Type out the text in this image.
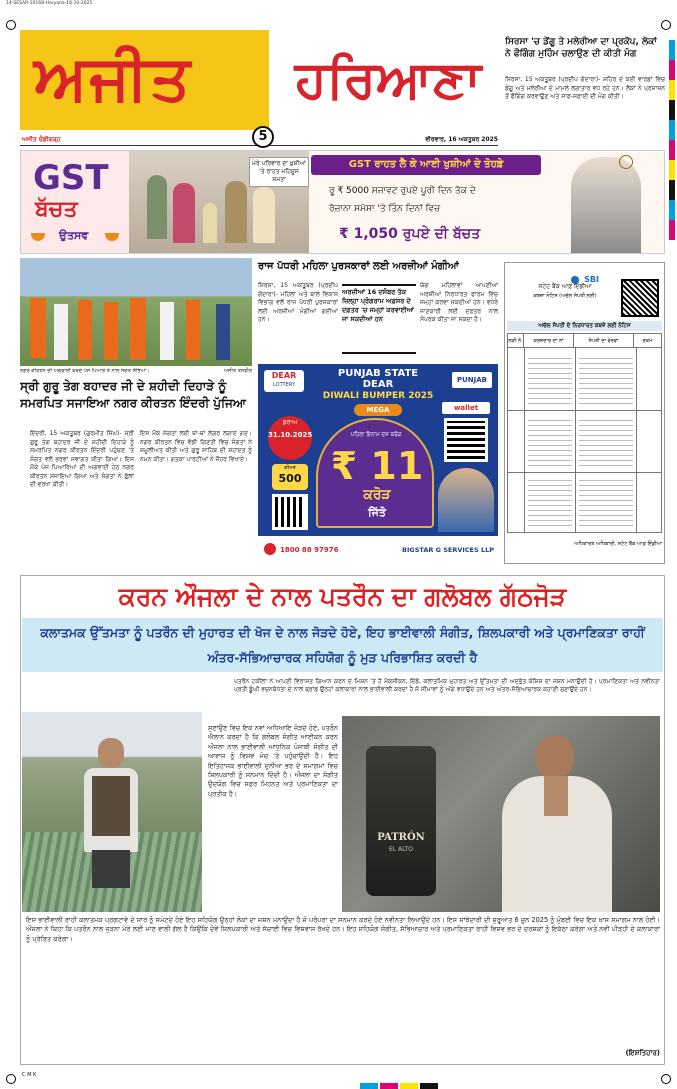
14-SESAR-10168-Haryana-16-10-2025
ਅਜੀਤ	ਹਰਿਆਣਾ
5
ਅਜੀਤ ਚੰਡੀਗੜ੍ਹ	ਵੀਰਵਾਰ, 16 ਅਕਤੂਬਰ 2025
ਸਿਰਸਾ 'ਚ ਡੇਂਗੂ ਤੇ ਮਲੇਰੀਆ ਦਾ ਪ੍ਰਕੋਪ, ਲੋਕਾਂ ਨੇ ਫੌਗਿੰਗ ਮੁਹਿੰਮ ਚਲਾਉਣ ਦੀ ਕੀਤੀ ਮੰਗ
ਸਿਰਸਾ, 15 ਅਕਤੂਬਰ (ਪ੍ਰਦੀਪ ਗੋਦਾਰਾ)- ਸ਼ਹਿਰ ਦੇ ਕਈ ਵਾਰਡਾਂ ਵਿਚ ਡੇਂਗੂ ਅਤੇ ਮਲੇਰੀਆ ਦੇ ਮਾਮਲੇ ਲਗਾਤਾਰ ਵਧ ਰਹੇ ਹਨ। ਲੋਕਾਂ ਨੇ ਪ੍ਰਸ਼ਾਸਨ ਤੋਂ ਫੌਗਿੰਗ ਕਰਵਾਉਣ ਅਤੇ ਸਾਫ਼-ਸਫ਼ਾਈ ਦੀ ਮੰਗ ਕੀਤੀ।
GST
ਬੱਚਤ
ਉਤਸਵ
ਮੇਰੇ ਪਰਿਵਾਰ ਦਾ ਖ਼ੁਸ਼ੀਆਂ 'ਤੇ ਰਾਹਤ ਮਹਿਸੂਸ ਸਮਤਾ
GST ਰਾਹਤ ਲੈ ਕੇ ਆਈ ਖੁਸ਼ੀਆਂ ਦੇ ਤੋਹਫ਼ੇ
ਰੂ ₹ 5000 ਸਜਾਵਟ ਰੁਪਏ ਪੂਰੀ ਦਿਨ ਤੱਕ ਦੇ
ਰੋਜ਼ਾਨਾ ਸਮੋਸਾ 'ਤੇ ਤਿੰਨ ਦਿਨਾਂ ਵਿਚ
₹ 1,050 ਰੁਪਏ ਦੀ ਬੱਚਤ
ਨਗਰ ਕੀਰਤਨ ਦੀ ਅਗਵਾਈ ਕਰਦੇ ਪੰਜ ਪਿਆਰੇ ਤੇ ਨਾਲ ਸੰਗਤ ਸੱਭਿਆ।	ਅਜੀਤ ਤਸਵੀਰ
ਸ੍ਰੀ ਗੁਰੂ ਤੇਗ ਬਹਾਦਰ ਜੀ ਦੇ ਸ਼ਹੀਦੀ ਦਿਹਾੜੇ ਨੂੰ ਸਮਰਪਿਤ ਸਜਾਇਆ ਨਗਰ ਕੀਰਤਨ ਇੰਦਰੀ ਪੁੱਜਿਆ
ਇੰਦਰੀ, 15 ਅਕਤੂਬਰ (ਗੁਰਮੀਤ ਸਿੰਘ)- ਸ੍ਰੀ ਗੁਰੂ ਤੇਗ ਬਹਾਦਰ ਜੀ ਦੇ ਸ਼ਹੀਦੀ ਦਿਹਾੜੇ ਨੂੰ ਸਮਰਪਿਤ ਨਗਰ ਕੀਰਤਨ ਇੰਦਰੀ ਪਹੁੰਚਣ 'ਤੇ ਸੰਗਤ ਵਲੋਂ ਭਰਵਾਂ ਸਵਾਗਤ ਕੀਤਾ ਗਿਆ। ਇਸ ਮੌਕੇ ਪੰਜ ਪਿਆਰਿਆਂ ਦੀ ਅਗਵਾਈ ਹੇਠ ਨਗਰ ਕੀਰਤਨ ਸਜਾਇਆ ਗਿਆ ਅਤੇ ਸੰਗਤਾਂ ਨੇ ਫੁੱਲਾਂ ਦੀ ਵਰਖਾ ਕੀਤੀ।
ਇਸ ਮੌਕੇ ਸੰਗਤਾਂ ਲਈ ਥਾਂ-ਥਾਂ ਲੰਗਰ ਲਗਾਏ ਗਏ। ਨਗਰ ਕੀਰਤਨ ਵਿਚ ਵੱਡੀ ਗਿਣਤੀ ਵਿਚ ਸੰਗਤਾਂ ਨੇ ਸ਼ਮੂਲੀਅਤ ਕੀਤੀ ਅਤੇ ਗੁਰੂ ਸਾਹਿਬ ਦੀ ਸ਼ਹਾਦਤ ਨੂੰ ਨਮਨ ਕੀਤਾ। ਗਤਕਾ ਪਾਰਟੀਆਂ ਨੇ ਜੌਹਰ ਵਿਖਾਏ।
ਰਾਜ ਪੱਧਰੀ ਮਹਿਲਾ ਪੁਰਸਕਾਰਾਂ ਲਈ ਅਰਜ਼ੀਆਂ ਮੰਗੀਆਂ
ਸਿਰਸਾ, 15 ਅਕਤੂਬਰ (ਪ੍ਰਦੀਪ ਗੋਦਾਰਾ)- ਮਹਿਲਾ ਅਤੇ ਬਾਲ ਵਿਕਾਸ ਵਿਭਾਗ ਵਲੋਂ ਰਾਜ ਪੱਧਰੀ ਪੁਰਸਕਾਰਾਂ ਲਈ ਅਰਜ਼ੀਆਂ ਮੰਗੀਆਂ ਗਈਆਂ ਹਨ।
ਅਰਜ਼ੀਆਂ 16 ਦਸੰਬਰ ਤੱਕ ਜ਼ਿਲ੍ਹਾ ਪ੍ਰੋਗਰਾਮ ਅਫ਼ਸਰ ਦੇ ਦਫ਼ਤਰ 'ਚ ਜਮ੍ਹਾਂ ਕਰਵਾਈਆਂ ਜਾ ਸਕਦੀਆਂ ਹਨ
ਯੋਗ ਮਹਿਲਾਵਾਂ ਆਪਣੀਆਂ ਅਰਜ਼ੀਆਂ ਨਿਰਧਾਰਤ ਫਾਰਮ ਵਿਚ ਜਮ੍ਹਾਂ ਕਰਵਾ ਸਕਦੀਆਂ ਹਨ। ਵਧੇਰੇ ਜਾਣਕਾਰੀ ਲਈ ਦਫ਼ਤਰ ਨਾਲ ਸੰਪਰਕ ਕੀਤਾ ਜਾ ਸਕਦਾ ਹੈ।
DEAR
LOTTERY
PUNJAB STATE
DEAR
DIWALI BUMPER 2025
PUNJAB
MEGA
ਡਰਾਅ
31.10.2025
ਕੀਮਤ
500
ਪਹਿਲਾ ਇਨਾਮ ਦਸ ਕਰੋੜ
₹ 11
ਕਰੋੜ
ਜਿੱਤੋ
wallet
1800 88 97976	BIGSTAR G SERVICES LLP
SBI
ਸਟੇਟ ਬੈਂਕ ਆਫ਼ ਇੰਡੀਆ
ਕਬਜ਼ਾ ਨੋਟਿਸ (ਅਚੱਲ ਸੰਪਤੀ ਲਈ)
ਅਚੱਲ ਸੰਪਤੀ ਦੇ ਨਿਰਧਾਰਤ ਕਬਜ਼ੇ ਲਈ ਨੋਟਿਸ
ਲੜੀ ਨੰ.	ਕਰਜ਼ਦਾਰ ਦਾ ਨਾਂ	ਸੰਪਤੀ ਦਾ ਵੇਰਵਾ	ਰਕਮ
ਅਧਿਕਾਰਤ ਅਧਿਕਾਰੀ, ਸਟੇਟ ਬੈਂਕ ਆਫ਼ ਇੰਡੀਆ
ਕਰਨ ਔਜਲਾ ਦੇ ਨਾਲ ਪਤਰੌਨ ਦਾ ਗਲੋਬਲ ਗੱਠਜੋੜ
ਕਲਾਤਮਕ ਉੱਤਮਤਾ ਨੂੰ ਪਤਰੌਨ ਦੀ ਮੁਹਾਰਤ ਦੀ ਖੋਜ ਦੇ ਨਾਲ ਜੋੜਦੇ ਹੋਏ, ਇਹ ਭਾਈਵਾਲੀ ਸੰਗੀਤ, ਸ਼ਿਲਪਕਾਰੀ ਅਤੇ ਪ੍ਰਮਾਣਿਕਤਾ ਰਾਹੀਂ ਅੰਤਰ-ਸੱਭਿਆਚਾਰਕ ਸਹਿਯੋਗ ਨੂੰ ਮੁੜ ਪਰਿਭਾਸ਼ਿਤ ਕਰਦੀ ਹੈ
ਪਤਰੌਨ ਟਕੀਲਾ ਨੇ ਆਪਣੀ ਵਿਰਾਸਤ ਗਿਆਨ ਕਰਨ ਦੇ ਮਿਸ਼ਨ 'ਤੇ ਹੈ ਮੈਕਸੀਕਨ, ਇੰਡੋ, ਕਲਾਤਮਿਕ ਮੁਹਾਰਤ ਅਤੇ ਉੱਤਮਤਾ ਦੀ ਅਦਭੁੱਤ ਕੋਸ਼ਿਸ਼ ਦਾ ਜਸ਼ਨ ਮਨਾਉਂਦੀ ਹੈ। ਪ੍ਰਮਾਣਿਕਤਾ ਅਤੇ ਨਵੀਨਤਾ ਪ੍ਰਤੀ ਡੂੰਘੀ ਵਚਨਬੱਧਤਾ ਦੇ ਨਾਲ ਬ੍ਰਾਂਡ ਉਨ੍ਹਾਂ ਕਲਾਕਾਰਾਂ ਨਾਲ ਭਾਈਵਾਲੀ ਕਰਦਾ ਹੈ ਜੋ ਸੀਮਾਵਾਂ ਨੂੰ ਅੱਗੇ ਵਧਾਉਂਦੇ ਹਨ ਅਤੇ ਅੰਤਰ-ਸੱਭਿਆਚਾਰਕ ਕਹਾਣੀ ਸੁਣਾਉਂਦੇ ਹਨ।
ਸੁਣਾਉਣ ਵਿਚ ਇਕ ਨਵਾਂ ਅਧਿਆਇ ਜੋੜਦੇ ਹੋਏ, ਪਤਰੌਨ ਐਲਾਨ ਕਰਦਾ ਹੈ ਕਿ ਗਲੋਬਲ ਸੰਗੀਤ ਆਈਕਨ ਕਰਨ ਔਜਲਾ ਨਾਲ ਭਾਈਵਾਲੀ ਆਧੁਨਿਕ ਪੰਜਾਬੀ ਸੰਗੀਤ ਦੀ ਆਵਾਜ਼ ਨੂੰ ਵਿਸ਼ਵ ਮੰਚ 'ਤੇ ਪਹੁੰਚਾਉਂਦੀ ਹੈ। ਇਹ ਇਤਿਹਾਸਕ ਭਾਈਵਾਲੀ ਦੁਨੀਆ ਭਰ ਦੇ ਸਮਾਗਮਾਂ ਵਿਚ ਸ਼ਿਲਪਕਾਰੀ ਨੂੰ ਸਨਮਾਨ ਦਿੰਦੀ ਹੈ। ਔਜਲਾ ਦਾ ਸੰਗੀਤ ਉਦਯੋਗ ਵਿਚ ਸਫ਼ਰ ਮਿਹਨਤ ਅਤੇ ਪ੍ਰਮਾਣਿਕਤਾ ਦਾ ਪ੍ਰਤੀਕ ਹੈ।
PATRÓN
EL ALTO
ਇਸ ਭਾਈਵਾਲੀ ਰਾਹੀਂ ਕਲਾਤਮਕ ਪ੍ਰਗਟਾਵੇ ਦੇ ਸਾਰ ਨੂੰ ਸਮੇਟਦੇ ਹੋਏ ਇਹ ਸਹਿਯੋਗ ਉਨ੍ਹਾਂ ਲੋਕਾਂ ਦਾ ਜਸ਼ਨ ਮਨਾਉਂਦਾ ਹੈ ਜੋ ਪਰੰਪਰਾ ਦਾ ਸਨਮਾਨ ਕਰਦੇ ਹੋਏ ਨਵੀਨਤਾ ਲਿਆਉਂਦੇ ਹਨ। ਇਸ ਸਾਂਝੇਦਾਰੀ ਦੀ ਸ਼ੁਰੂਆਤ 6 ਜੂਨ 2025 ਨੂੰ ਮੁੰਬਈ ਵਿਚ ਇਕ ਖ਼ਾਸ ਸਮਾਗਮ ਨਾਲ ਹੋਈ। ਔਜਲਾ ਨੇ ਕਿਹਾ ਕਿ ਪਤਰੌਨ ਨਾਲ ਜੁੜਨਾ ਮੇਰੇ ਲਈ ਮਾਣ ਵਾਲੀ ਗੱਲ ਹੈ ਕਿਉਂਕਿ ਦੋਵੇਂ ਸ਼ਿਲਪਕਾਰੀ ਅਤੇ ਸੱਚਾਈ ਵਿਚ ਵਿਸ਼ਵਾਸ ਰੱਖਦੇ ਹਨ। ਇਹ ਸਹਿਯੋਗ ਸੰਗੀਤ, ਸੱਭਿਆਚਾਰ ਅਤੇ ਪ੍ਰਮਾਣਿਕਤਾ ਰਾਹੀਂ ਵਿਸ਼ਵ ਭਰ ਦੇ ਦਰਸ਼ਕਾਂ ਨੂੰ ਇਕੱਠਾ ਕਰੇਗਾ ਅਤੇ ਨਵੀਂ ਪੀੜ੍ਹੀ ਦੇ ਕਲਾਕਾਰਾਂ ਨੂੰ ਪ੍ਰੇਰਿਤ ਕਰੇਗਾ।
(ਇਸ਼ਤਿਹਾਰ)
C M K
